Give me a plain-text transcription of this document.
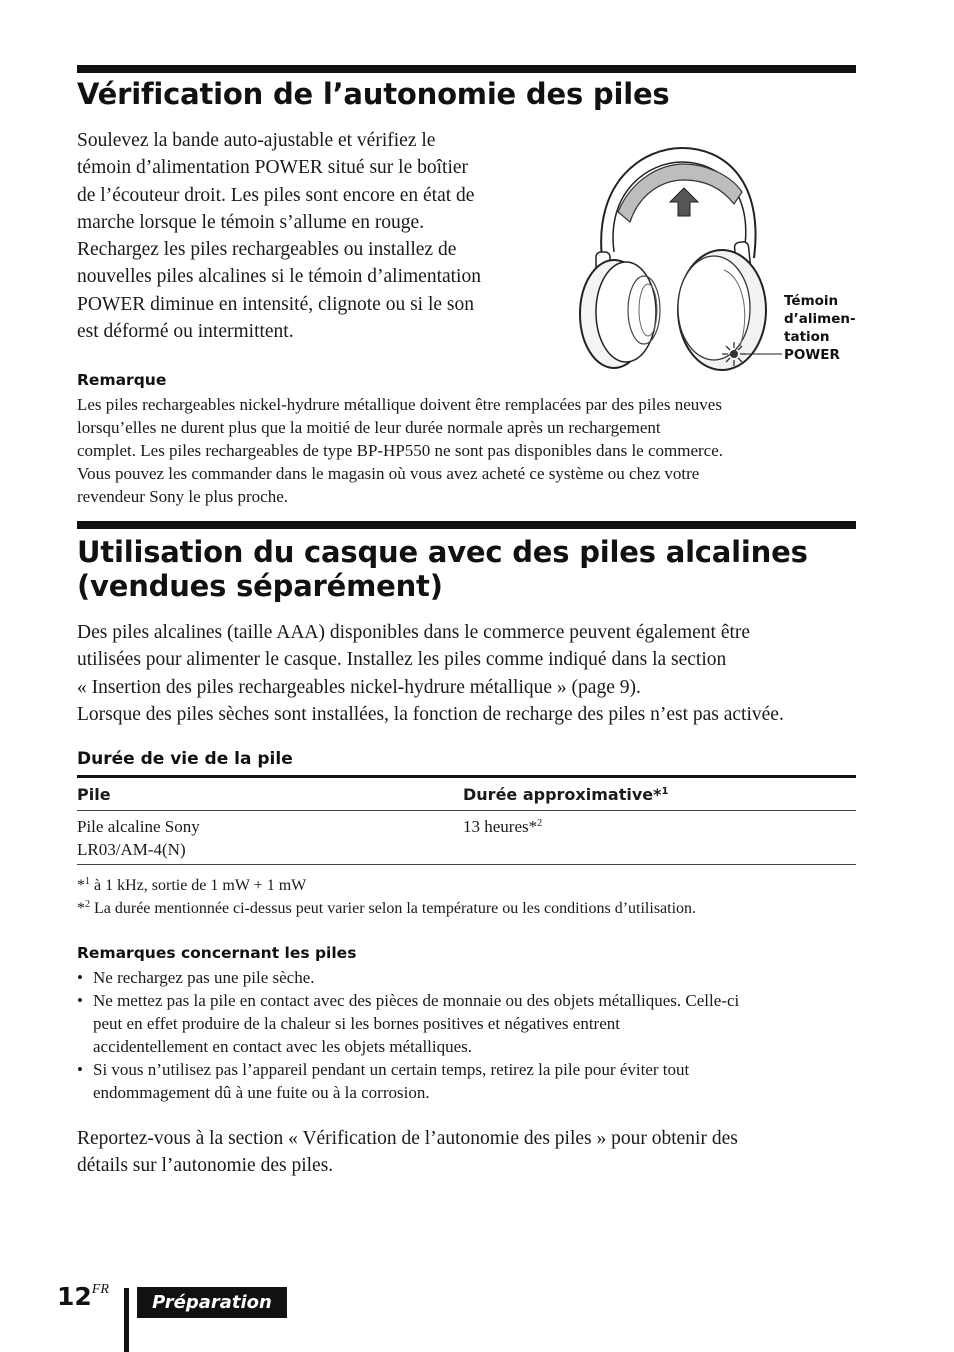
Vérification de l’autonomie des piles
Soulevez la bande auto-ajustable et vérifiez le
témoin d’alimentation POWER situé sur le boîtier
de l’écouteur droit. Les piles sont encore en état de
marche lorsque le témoin s’allume en rouge.
Rechargez les piles rechargeables ou installez de
nouvelles piles alcalines si le témoin d’alimentation
POWER diminue en intensité, clignote ou si le son
est déformé ou intermittent.
Témoin
d’alimen-
tation
POWER
Remarque
Les piles rechargeables nickel-hydrure métallique doivent être remplacées par des piles neuves
lorsqu’elles ne durent plus que la moitié de leur durée normale après un rechargement
complet. Les piles rechargeables de type BP-HP550 ne sont pas disponibles dans le commerce.
Vous pouvez les commander dans le magasin où vous avez acheté ce système ou chez votre
revendeur Sony le plus proche.
Utilisation du casque avec des piles alcalines
(vendues séparément)
Des piles alcalines (taille AAA) disponibles dans le commerce peuvent également être
utilisées pour alimenter le casque. Installez les piles comme indiqué dans la section
« Insertion des piles rechargeables nickel-hydrure métallique » (page 9).
Lorsque des piles sèches sont installées, la fonction de recharge des piles n’est pas activée.
Durée de vie de la pile
Pile	Durée approximative*$^1$
Pile alcaline Sony
LR03/AM-4(N)
13 heures*$^2$
*$^1$ à 1 kHz, sortie de 1 mW + 1 mW
*$^2$ La durée mentionnée ci-dessus peut varier selon la température ou les conditions d’utilisation.
Remarques concernant les piles
• Ne rechargez pas une pile sèche.
• Ne mettez pas la pile en contact avec des pièces de monnaie ou des objets métalliques. Celle-ci
peut en effet produire de la chaleur si les bornes positives et négatives entrent
accidentellement en contact avec les objets métalliques.
• Si vous n’utilisez pas l’appareil pendant un certain temps, retirez la pile pour éviter tout
endommagement dû à une fuite ou à la corrosion.
Reportez-vous à la section « Vérification de l’autonomie des piles » pour obtenir des
détails sur l’autonomie des piles.
$12^{FR}$
Préparation
